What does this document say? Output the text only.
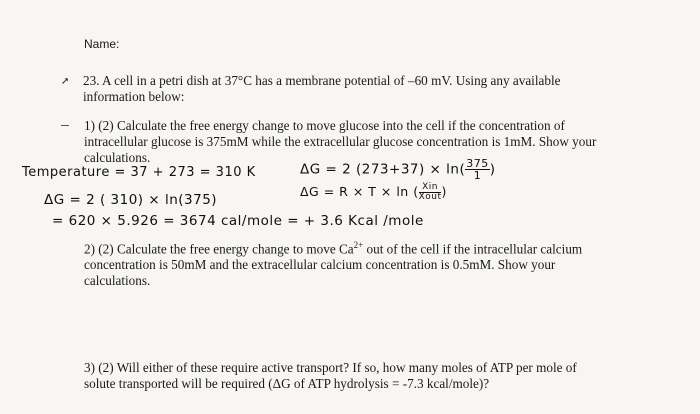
Name:
➚ 23. A cell in a petri dish at 37°C has a membrane potential of –60 mV. Using any available
information below:
1) (2) Calculate the free energy change to move glucose into the cell if the concentration of
intracellular glucose is 375mM while the extracellular glucose concentration is 1mM. Show your
calculations.
Temperature = 37 + 273 = 310 K	ΔG = 2 $(273+37) \times \ln( \frac{375}{1}$ )
ΔG = R × T × ln ( $\frac{\text{Xin}}{\text{Xout}}$ )
ΔG = 2 ( 310) × ln(375)
= 620 × 5.926 = 3674 cal/mole = + 3.6 Kcal /mole
2) (2) Calculate the free energy change to move $Ca^{2+}$ out of the cell if the intracellular calcium
concentration is 50mM and the extracellular calcium concentration is 0.5mM. Show your
calculations.
3) (2) Will either of these require active transport? If so, how many moles of ATP per mole of
solute transported will be required (ΔG of ATP hydrolysis = -7.3 kcal/mole)?
